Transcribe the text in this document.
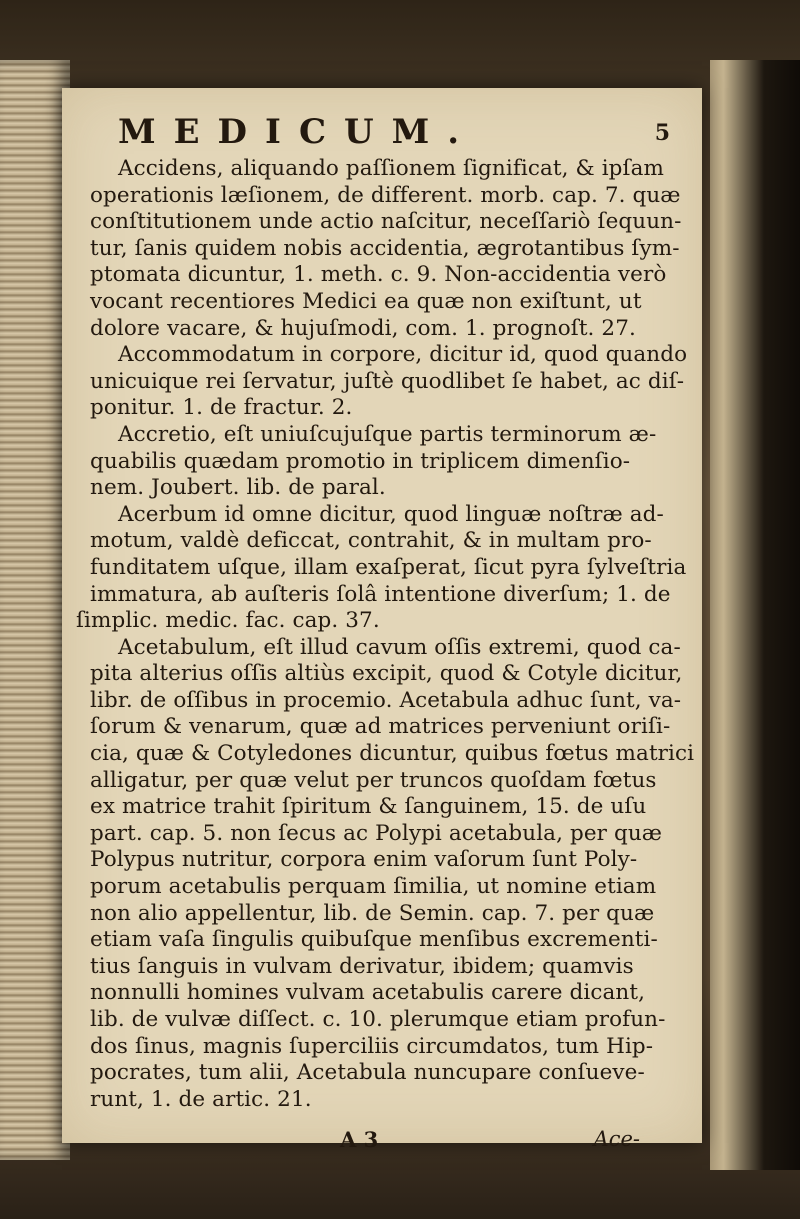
MEDICUM.	5
Accidens, aliquando paſſionem ſignificat, & ipſam
operationis læſionem, de different. morb. cap. 7. quæ
conſtitutionem unde actio naſcitur, neceſſariò ſequun-
tur, ſanis quidem nobis accidentia, ægrotantibus ſym-
ptomata dicuntur, 1. meth. c. 9. Non-accidentia verò
vocant recentiores Medici ea quæ non exiſtunt, ut
dolore vacare, & hujuſmodi, com. 1. prognoſt. 27.
Accommodatum in corpore, dicitur id, quod quando
unicuique rei ſervatur, juſtè quodlibet ſe habet, ac diſ-
ponitur. 1. de fractur. 2.
Accretio, eſt uniuſcujuſque partis terminorum æ-
quabilis quædam promotio in triplicem dimenſio-
nem. Joubert. lib. de paral.
Acerbum id omne dicitur, quod linguæ noſtræ ad-
motum, valdè deficcat, contrahit, & in multam pro-
funditatem uſque, illam exaſperat, ſicut pyra ſylveſtria
immatura, ab auſteris ſolâ intentione diverſum; 1. de
ſimplic. medic. fac. cap. 37.
Acetabulum, eſt illud cavum oſſis extremi, quod ca-
pita alterius oſſis altiùs excipit, quod & Cotyle dicitur,
libr. de oſſibus in procemio. Acetabula adhuc ſunt, va-
ſorum & venarum, quæ ad matrices perveniunt oriſi-
cia, quæ & Cotyledones dicuntur, quibus fœtus matrici
alligatur, per quæ velut per truncos quoſdam fœtus
ex matrice trahit ſpiritum & ſanguinem, 15. de uſu
part. cap. 5. non ſecus ac Polypi acetabula, per quæ
Polypus nutritur, corpora enim vaſorum ſunt Poly-
porum acetabulis perquam ſimilia, ut nomine etiam
non alio appellentur, lib. de Semin. cap. 7. per quæ
etiam vaſa ſingulis quibuſque menſibus excrementi-
tius ſanguis in vulvam derivatur, ibidem; quamvis
nonnulli homines vulvam acetabulis carere dicant,
lib. de vulvæ diſſect. c. 10. plerumque etiam profun-
dos ſinus, magnis ſuperciliis circumdatos, tum Hip-
pocrates, tum alii, Acetabula nuncupare conſueve-
runt, 1. de artic. 21.
A 3	Ace-
